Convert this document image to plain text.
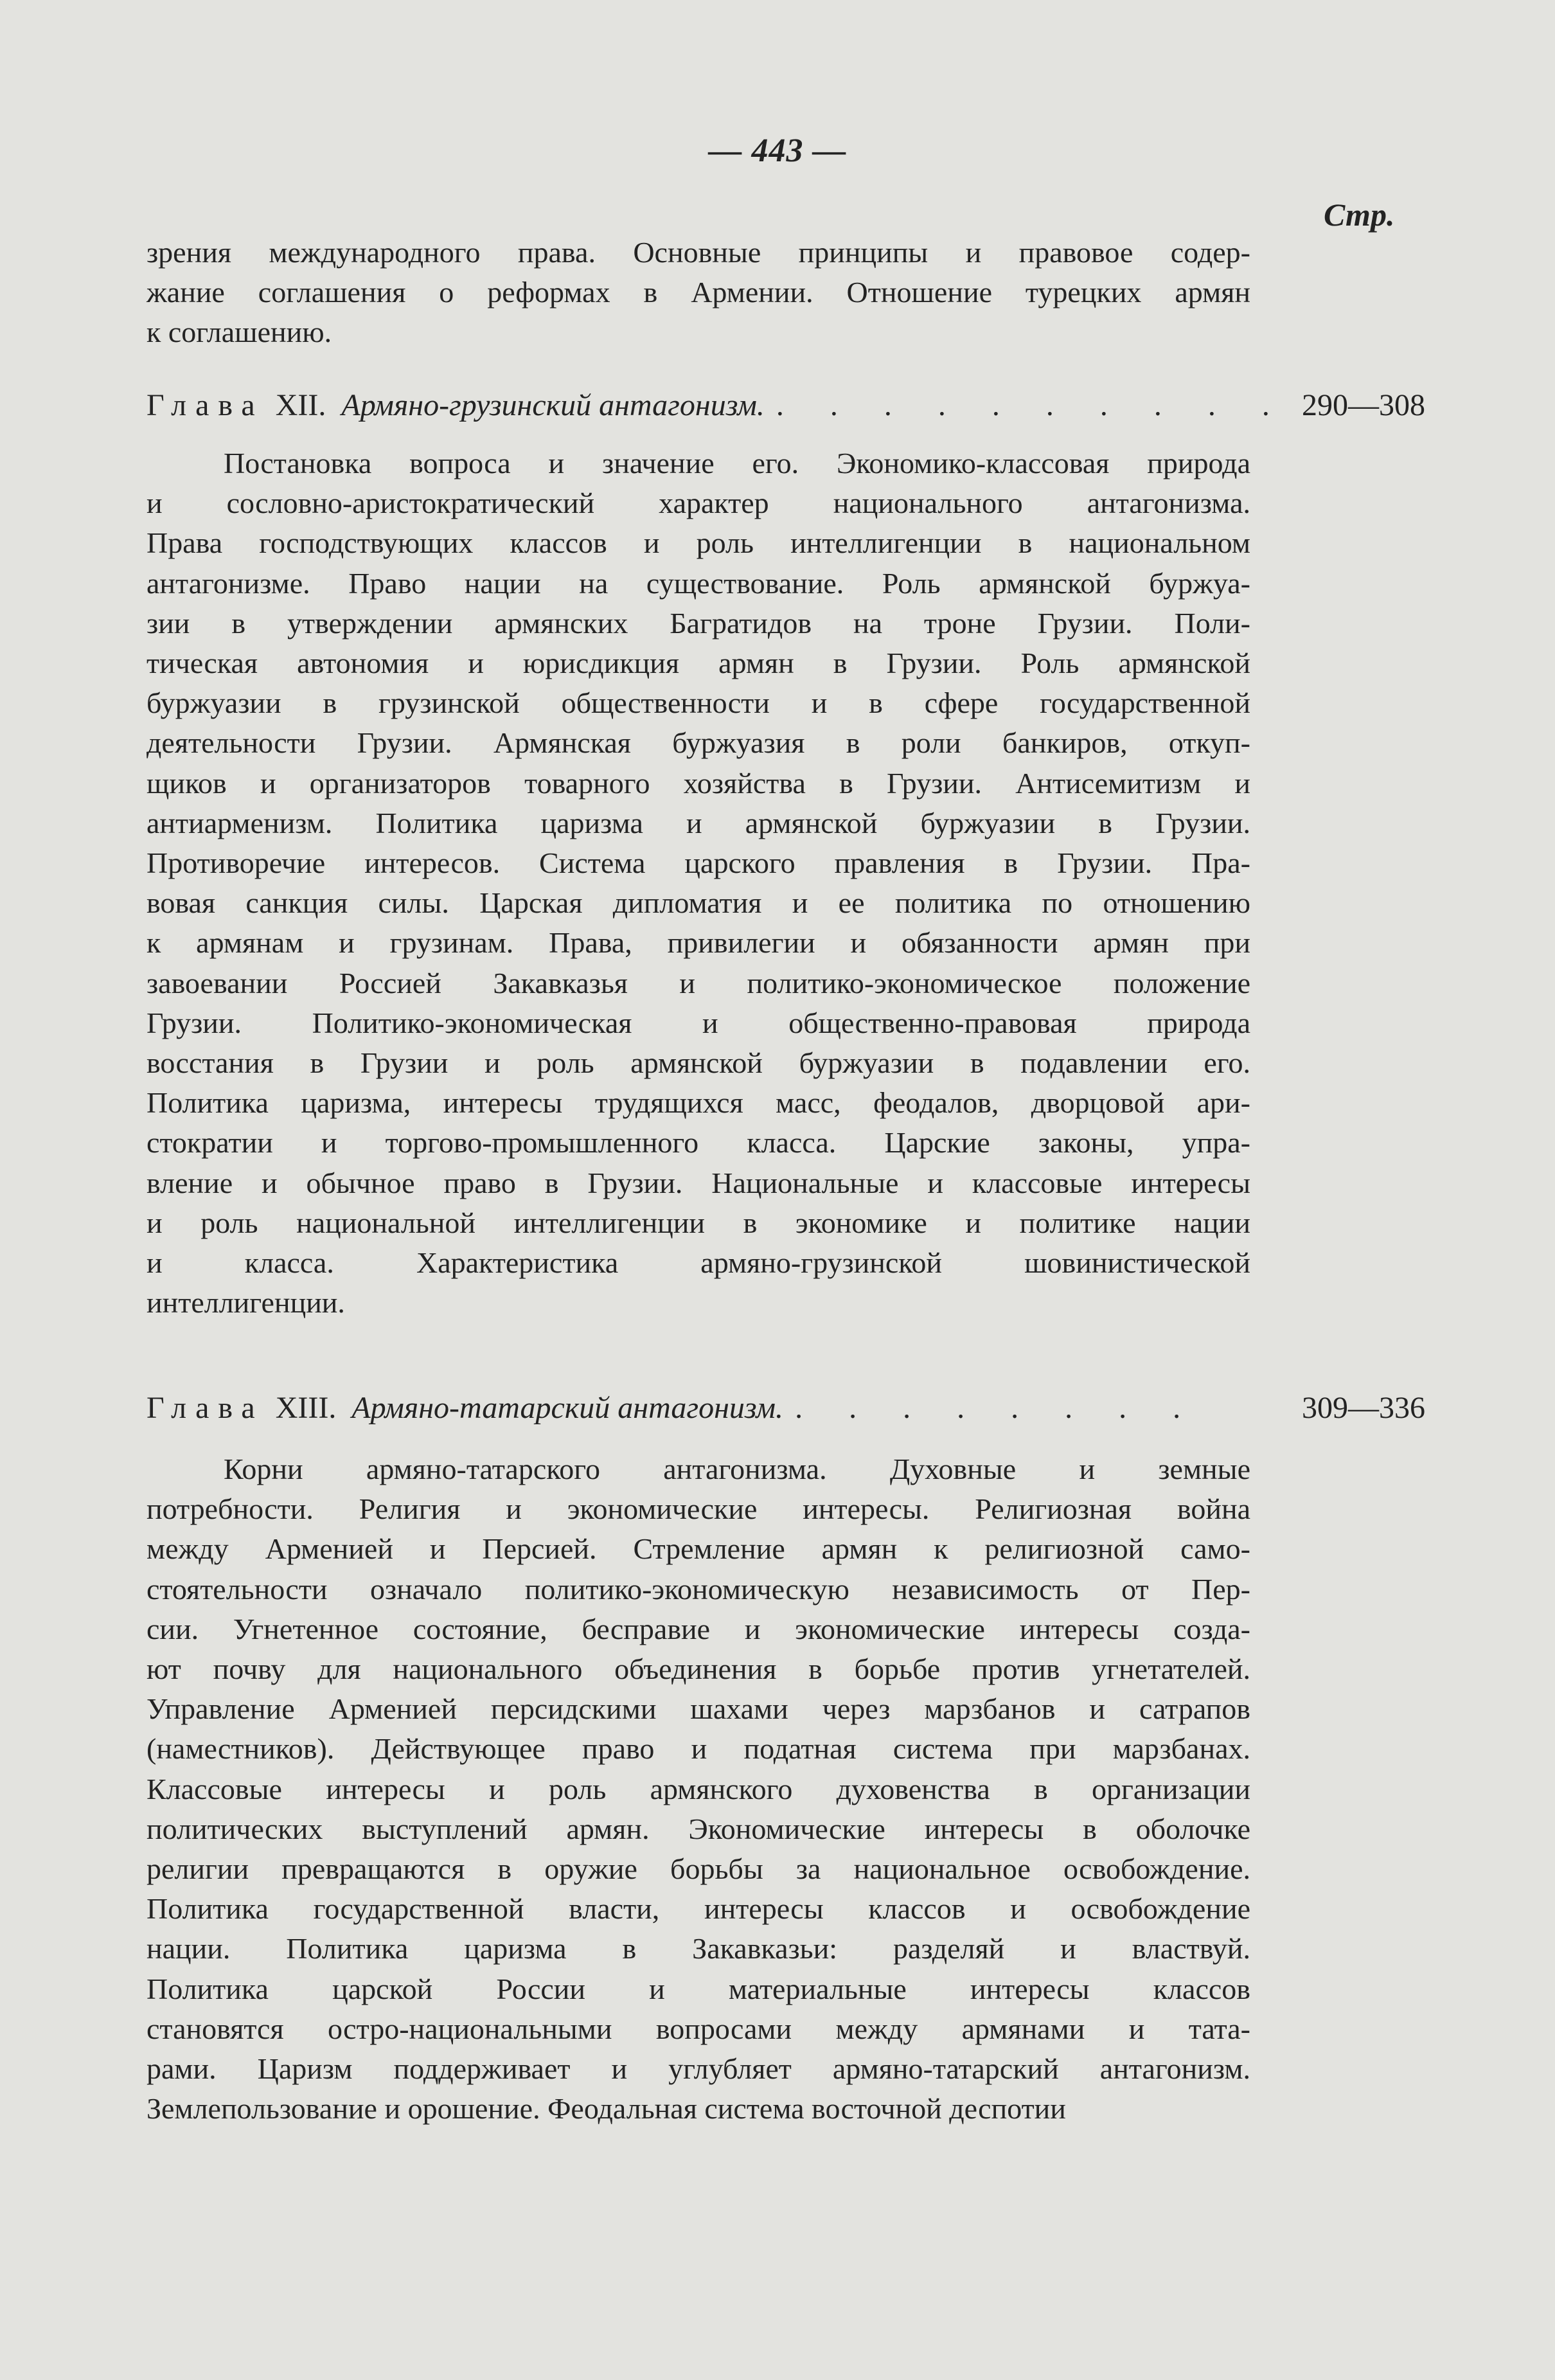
— 443 —
Стр.
зрения международного права. Основные принципы и правовое содер-
жание соглашения о реформах в Армении. Отношение турецких армян
к соглашению.
Глава XII. Армяно-грузинский антагонизм. . . . . . . . . . . 290—308
Постановка вопроса и значение его. Экономико-классовая природа
и сословно-аристократический характер национального антагонизма.
Права господствующих классов и роль интеллигенции в национальном
антагонизме. Право нации на существование. Роль армянской буржуа-
зии в утверждении армянских Багратидов на троне Грузии. Поли-
тическая автономия и юрисдикция армян в Грузии. Роль армянской
буржуазии в грузинской общественности и в сфере государственной
деятельности Грузии. Армянская буржуазия в роли банкиров, откуп-
щиков и организаторов товарного хозяйства в Грузии. Антисемитизм и
антиарменизм. Политика царизма и армянской буржуазии в Грузии.
Противоречие интересов. Система царского правления в Грузии. Пра-
вовая санкция силы. Царская дипломатия и ее политика по отношению
к армянам и грузинам. Права, привилегии и обязанности армян при
завоевании Россией Закавказья и политико-экономическое положение
Грузии. Политико-экономическая и общественно-правовая природа
восстания в Грузии и роль армянской буржуазии в подавлении его.
Политика царизма, интересы трудящихся масс, феодалов, дворцовой ари-
стократии и торгово-промышленного класса. Царские законы, упра-
вление и обычное право в Грузии. Национальные и классовые интересы
и роль национальной интеллигенции в экономике и политике нации
и класса. Характеристика армяно-грузинской шовинистической
интеллигенции.
Глава XIII. Армяно-татарский антагонизм. . . . . . . . .	309—336
Корни армяно-татарского антагонизма. Духовные и земные
потребности. Религия и экономические интересы. Религиозная война
между Арменией и Персией. Стремление армян к религиозной само-
стоятельности означало политико-экономическую независимость от Пер-
сии. Угнетенное состояние, бесправие и экономические интересы созда-
ют почву для национального объединения в борьбе против угнетателей.
Управление Арменией персидскими шахами через марзбанов и сатрапов
(наместников). Действующее право и податная система при марзбанах.
Классовые интересы и роль армянского духовенства в организации
политических выступлений армян. Экономические интересы в оболочке
религии превращаются в оружие борьбы за национальное освобождение.
Политика государственной власти, интересы классов и освобождение
нации. Политика царизма в Закавказьи: разделяй и властвуй.
Политика царской России и материальные интересы классов
становятся остро-национальными вопросами между армянами и тата-
рами. Царизм поддерживает и углубляет армяно-татарский антагонизм.
Землепользование и орошение. Феодальная система восточной деспотии
